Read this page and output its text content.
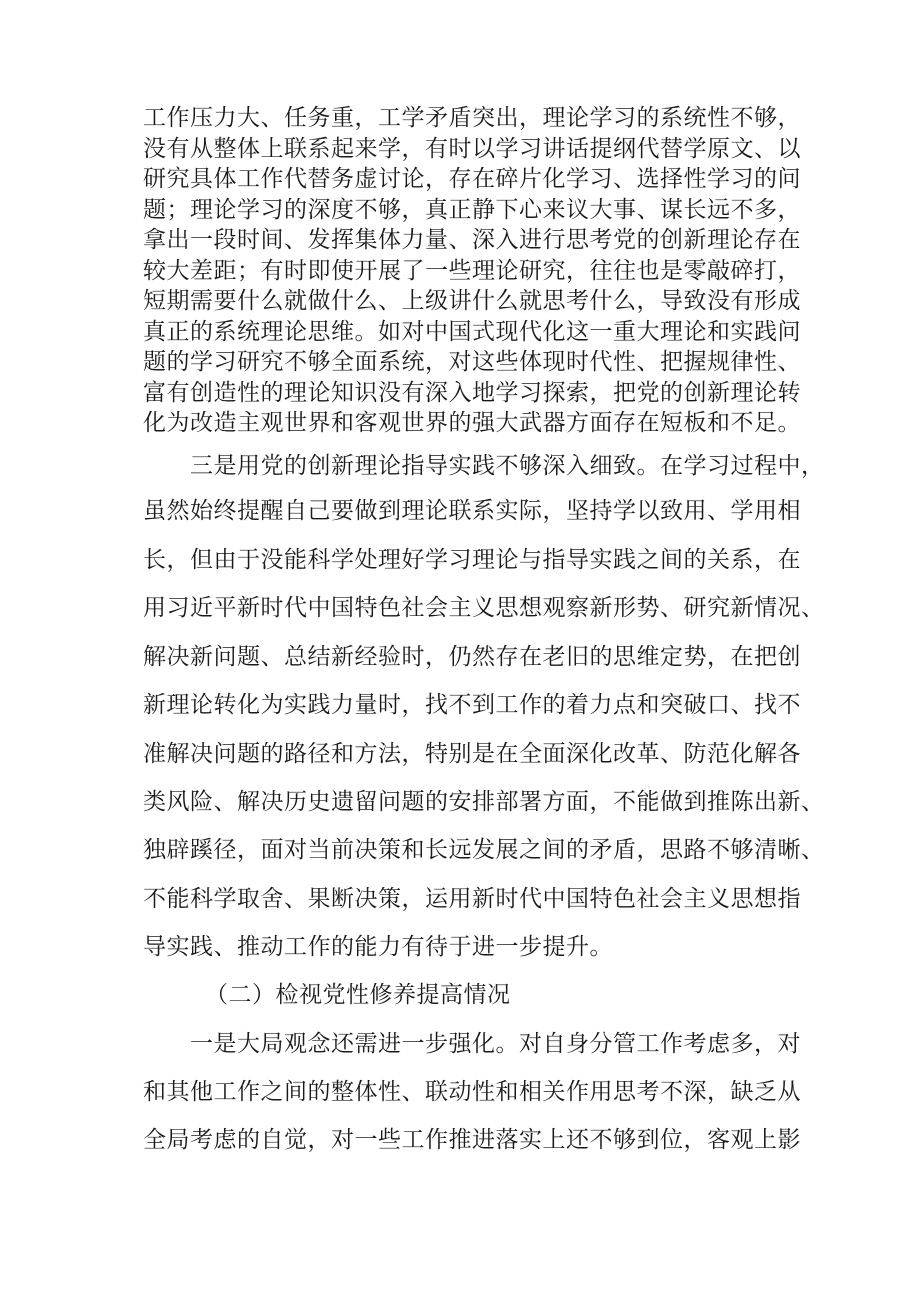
工作压力大、任务重，工学矛盾突出，理论学习的系统性不够，
没有从整体上联系起来学，有时以学习讲话提纲代替学原文、以
研究具体工作代替务虚讨论，存在碎片化学习、选择性学习的问
题；理论学习的深度不够，真正静下心来议大事、谋长远不多，
拿出一段时间、发挥集体力量、深入进行思考党的创新理论存在
较大差距；有时即使开展了一些理论研究，往往也是零敲碎打，
短期需要什么就做什么、上级讲什么就思考什么，导致没有形成
真正的系统理论思维。如对中国式现代化这一重大理论和实践问
题的学习研究不够全面系统，对这些体现时代性、把握规律性、
富有创造性的理论知识没有深入地学习探索，把党的创新理论转
化为改造主观世界和客观世界的强大武器方面存在短板和不足。
三是用党的创新理论指导实践不够深入细致。在学习过程中，
虽然始终提醒自己要做到理论联系实际，坚持学以致用、学用相
长，但由于没能科学处理好学习理论与指导实践之间的关系，在
用习近平新时代中国特色社会主义思想观察新形势、研究新情况、
解决新问题、总结新经验时，仍然存在老旧的思维定势，在把创
新理论转化为实践力量时，找不到工作的着力点和突破口、找不
准解决问题的路径和方法，特别是在全面深化改革、防范化解各
类风险、解决历史遗留问题的安排部署方面，不能做到推陈出新、
独辟蹊径，面对当前决策和长远发展之间的矛盾，思路不够清晰、
不能科学取舍、果断决策，运用新时代中国特色社会主义思想指
导实践、推动工作的能力有待于进一步提升。
（二）检视党性修养提高情况
一是大局观念还需进一步强化。对自身分管工作考虑多，对
和其他工作之间的整体性、联动性和相关作用思考不深，缺乏从
全局考虑的自觉，对一些工作推进落实上还不够到位，客观上影
